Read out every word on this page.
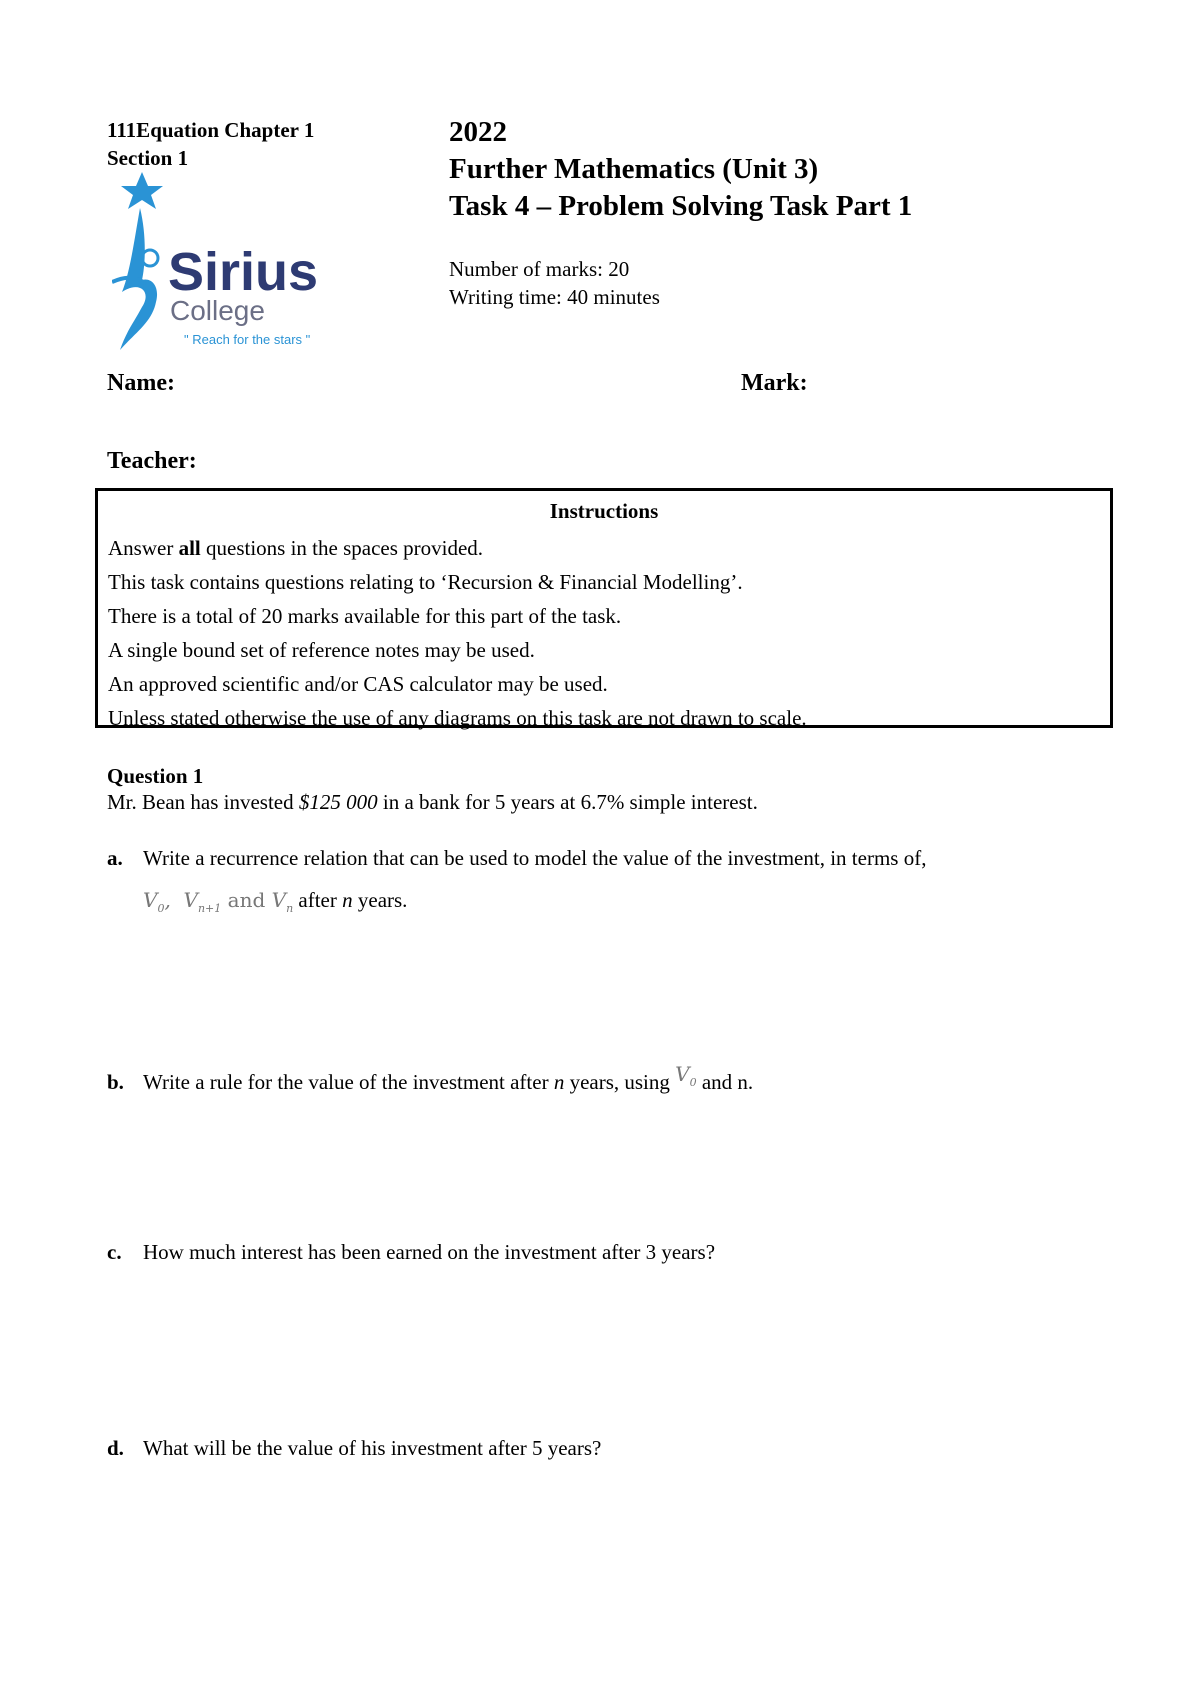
111Equation Chapter 1 Section 1
Sirius
College
" Reach for the stars "
2022
Further Mathematics (Unit 3)
Task 4 – Problem Solving Task Part 1
Number of marks: 20
Writing time: 40 minutes
Name:	Mark:
Teacher:
Instructions
Answer all questions in the spaces provided.
This task contains questions relating to ‘Recursion & Financial Modelling’.
There is a total of 20 marks available for this part of the task.
A single bound set of reference notes may be used.
An approved scientific and/or CAS calculator may be used.
Unless stated otherwise the use of any diagrams on this task are not drawn to scale.
Question 1
Mr. Bean has invested $125 000 in a bank for 5 years at 6.7% simple interest.
a. Write a recurrence relation that can be used to model the value of the investment, in terms of,
$V_0$,  $V_{n+1}$ and $V_n$ after n years.
b. Write a rule for the value of the investment after n years, using $V_0$ and n.
c. How much interest has been earned on the investment after 3 years?
d. What will be the value of his investment after 5 years?
